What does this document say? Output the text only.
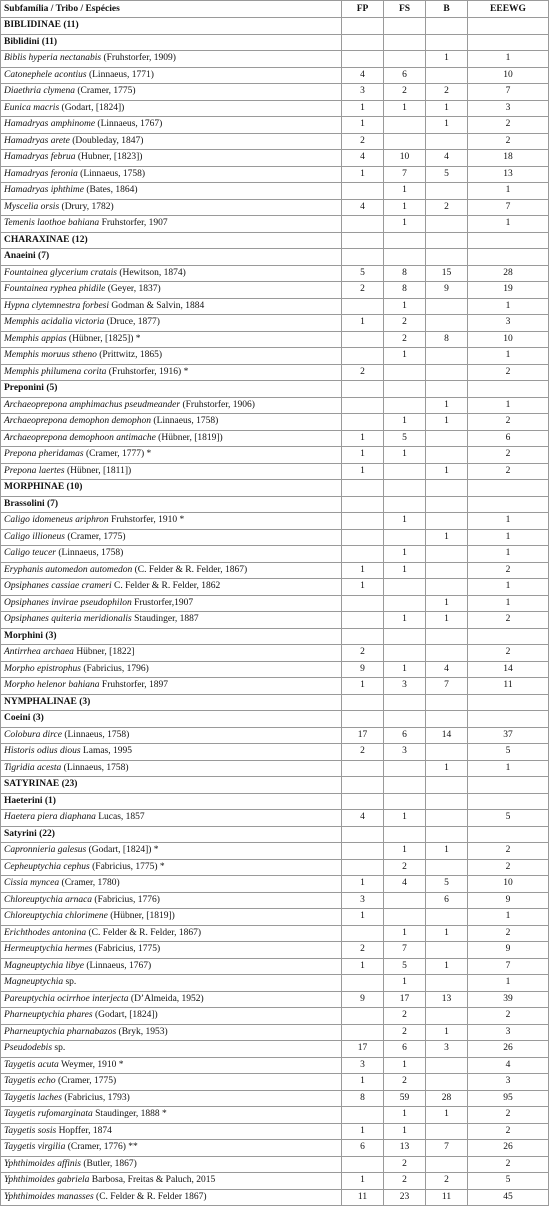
Subfamília / Tribo / Espécies	FP	FS	B	EEEWG
BIBLIDINAE (11)				
Biblidini (11)				
Biblis hyperia nectanabis (Fruhstorfer, 1909)			1	1
Catonephele acontius (Linnaeus, 1771)	4	6		10
Diaethria clymena (Cramer, 1775)	3	2	2	7
Eunica macris (Godart, [1824])	1	1	1	3
Hamadryas amphinome (Linnaeus, 1767)	1		1	2
Hamadryas arete (Doubleday, 1847)	2			2
Hamadryas februa (Hubner, [1823])	4	10	4	18
Hamadryas feronia (Linnaeus, 1758)	1	7	5	13
Hamadryas iphthime (Bates, 1864)		1		1
Myscelia orsis (Drury, 1782)	4	1	2	7
Temenis laothoe bahiana Fruhstorfer, 1907		1		1
CHARAXINAE (12)				
Anaeini (7)				
Fountainea glycerium cratais (Hewitson, 1874)	5	8	15	28
Fountainea ryphea phidile (Geyer, 1837)	2	8	9	19
Hypna clytemnestra forbesi Godman & Salvin, 1884		1		1
Memphis acidalia victoria (Druce, 1877)	1	2		3
Memphis appias (Hübner, [1825]) *		2	8	10
Memphis moruus stheno (Prittwitz, 1865)		1		1
Memphis philumena corita (Fruhstorfer, 1916) *	2			2
Preponini (5)				
Archaeoprepona amphimachus pseudmeander (Fruhstorfer, 1906)			1	1
Archaeoprepona demophon demophon (Linnaeus, 1758)		1	1	2
Archaeoprepona demophoon antimache (Hübner, [1819])	1	5		6
Prepona pheridamas (Cramer, 1777) *	1	1		2
Prepona laertes (Hübner, [1811])	1		1	2
MORPHINAE (10)				
Brassolini (7)				
Caligo idomeneus ariphron Fruhstorfer, 1910 *		1		1
Caligo illioneus (Cramer, 1775)			1	1
Caligo teucer (Linnaeus, 1758)		1		1
Eryphanis automedon automedon (C. Felder & R. Felder, 1867)	1	1		2
Opsiphanes cassiae crameri C. Felder & R. Felder, 1862	1			1
Opsiphanes invirae pseudophilon Frustorfer,1907			1	1
Opsiphanes quiteria meridionalis Staudinger, 1887		1	1	2
Morphini (3)				
Antirrhea archaea Hübner, [1822]	2			2
Morpho epistrophus (Fabricius, 1796)	9	1	4	14
Morpho helenor bahiana Fruhstorfer, 1897	1	3	7	11
NYMPHALINAE (3)				
Coeini (3)				
Colobura dirce (Linnaeus, 1758)	17	6	14	37
Historis odius dious Lamas, 1995	2	3		5
Tigridia acesta (Linnaeus, 1758)			1	1
SATYRINAE (23)				
Haeterini (1)				
Haetera piera diaphana Lucas, 1857	4	1		5
Satyrini (22)				
Capronnieria galesus (Godart, [1824]) *		1	1	2
Cepheuptychia cephus (Fabricius, 1775) *		2		2
Cissia myncea (Cramer, 1780)	1	4	5	10
Chloreuptychia arnaca (Fabricius, 1776)	3		6	9
Chloreuptychia chlorimene (Hübner, [1819])	1			1
Erichthodes antonina (C. Felder & R. Felder, 1867)		1	1	2
Hermeuptychia hermes (Fabricius, 1775)	2	7		9
Magneuptychia libye (Linnaeus, 1767)	1	5	1	7
Magneuptychia sp.		1		1
Pareuptychia ocirrhoe interjecta (D’Almeida, 1952)	9	17	13	39
Pharneuptychia phares (Godart, [1824])		2		2
Pharneuptychia pharnabazos (Bryk, 1953)		2	1	3
Pseudodebis sp.	17	6	3	26
Taygetis acuta Weymer, 1910 *	3	1		4
Taygetis echo (Cramer, 1775)	1	2		3
Taygetis laches (Fabricius, 1793)	8	59	28	95
Taygetis rufomarginata Staudinger, 1888 *		1	1	2
Taygetis sosis Hopffer, 1874	1	1		2
Taygetis virgilia (Cramer, 1776) **	6	13	7	26
Yphthimoides affinis (Butler, 1867)		2		2
Yphthimoides gabriela Barbosa, Freitas & Paluch, 2015	1	2	2	5
Yphthimoides manasses (C. Felder & R. Felder 1867)	11	23	11	45
